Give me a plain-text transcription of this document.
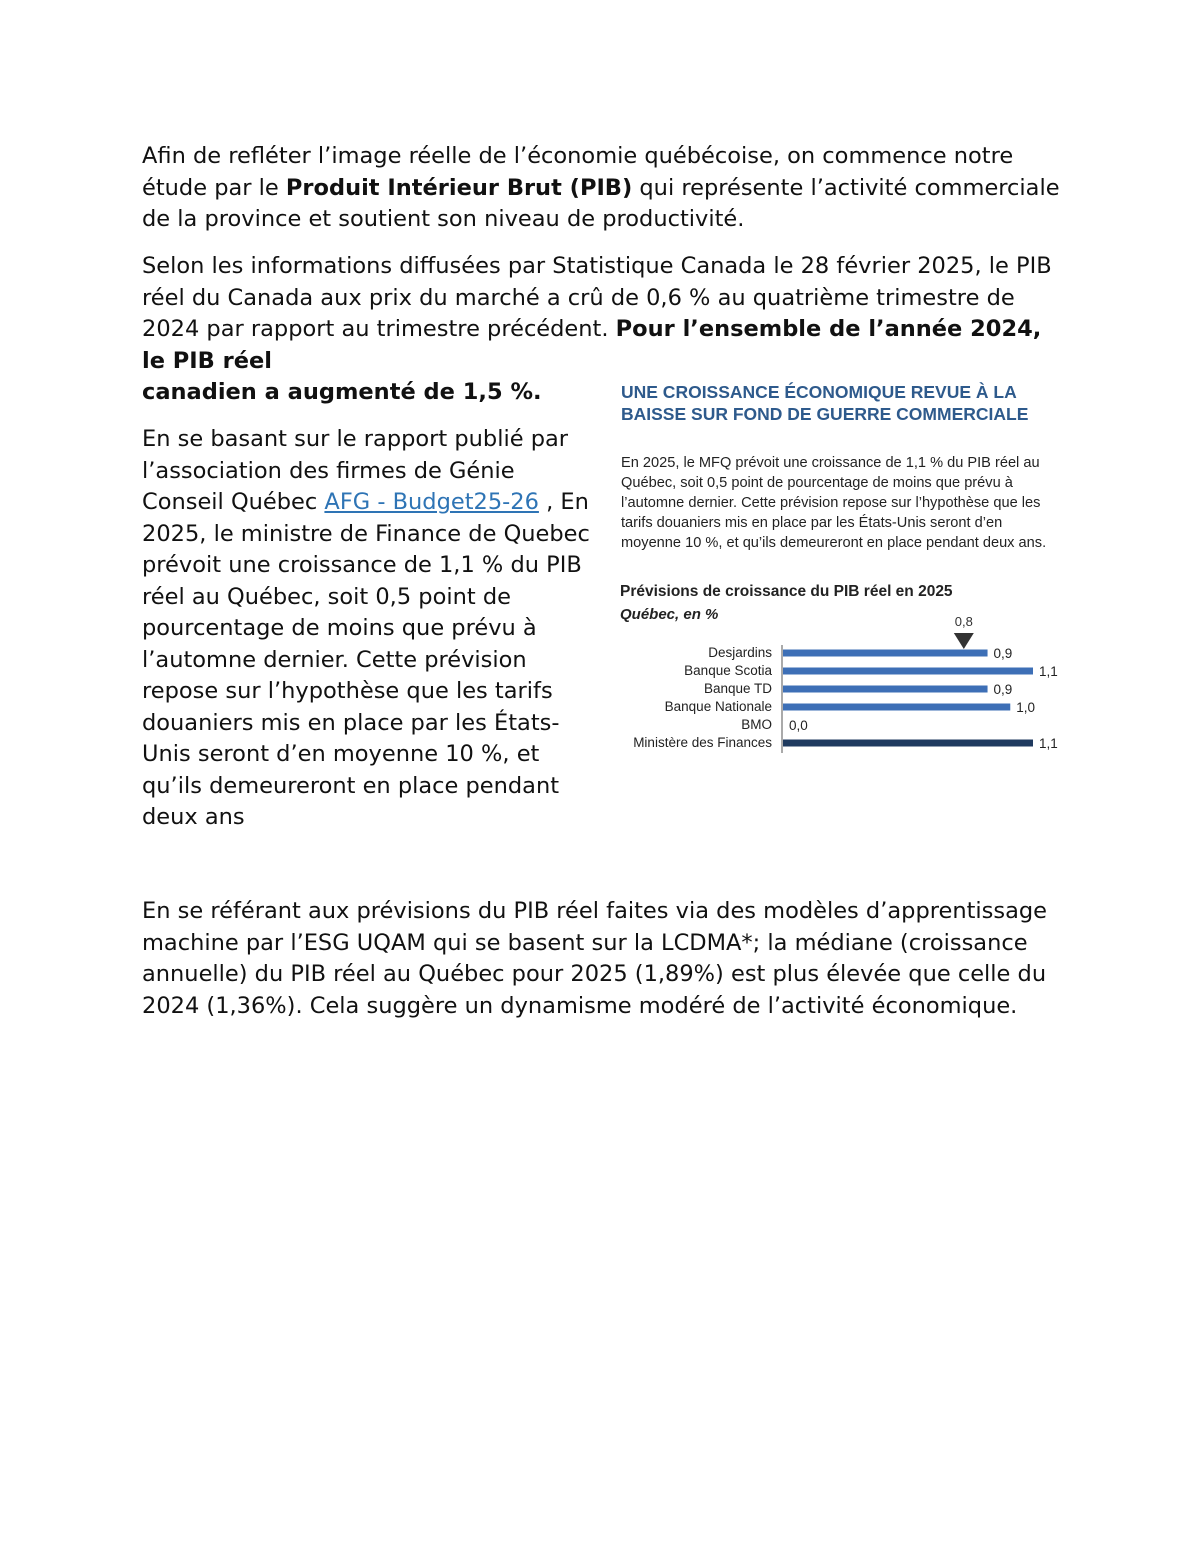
Afin de refléter l’image réelle de l’économie québécoise, on commence notre étude par le Produit Intérieur Brut (PIB) qui représente l’activité commerciale de la province et soutient son niveau de productivité.

Selon les informations diffusées par Statistique Canada le 28 février 2025, le PIB réel du Canada aux prix du marché a crû de 0,6 % au quatrième trimestre de 2024 par rapport au trimestre précédent. Pour l’ensemble de l’année 2024, le PIB réel
canadien a augmenté de 1,5 %.

En se basant sur le rapport publié par l’association des firmes de Génie Conseil Québec AFG - Budget25-26 , En 2025, le ministre de Finance de Quebec prévoit une croissance de 1,1 % du PIB réel au Québec, soit 0,5 point de pourcentage de moins que prévu à l’automne dernier. Cette prévision repose sur l’hypothèse que les tarifs douaniers mis en place par les États-Unis seront d’en moyenne 10 %, et qu’ils demeureront en place pendant deux ans

UNE CROISSANCE ÉCONOMIQUE REVUE À LA BAISSE SUR FOND DE GUERRE COMMERCIALE

En 2025, le MFQ prévoit une croissance de 1,1 % du PIB réel au Québec, soit 0,5 point de pourcentage de moins que prévu à l’automne dernier. Cette prévision repose sur l’hypothèse que les tarifs douaniers mis en place par les États-Unis seront d’en moyenne 10 %, et qu’ils demeureront en place pendant deux ans.

Prévisions de croissance du PIB réel en 2025

Québec, en %	0,8
Desjardins	0,9
Banque Scotia	1,1
Banque TD	0,9
Banque Nationale	1,0
BMO 0,0
Ministère des Finances	1,1

En se référant aux prévisions du PIB réel faites via des modèles d’apprentissage machine par l’ESG UQAM qui se basent sur la LCDMA*; la médiane (croissance annuelle) du PIB réel au Québec pour 2025 (1,89%) est plus élevée que celle du 2024 (1,36%). Cela suggère un dynamisme modéré de l’activité économique.
